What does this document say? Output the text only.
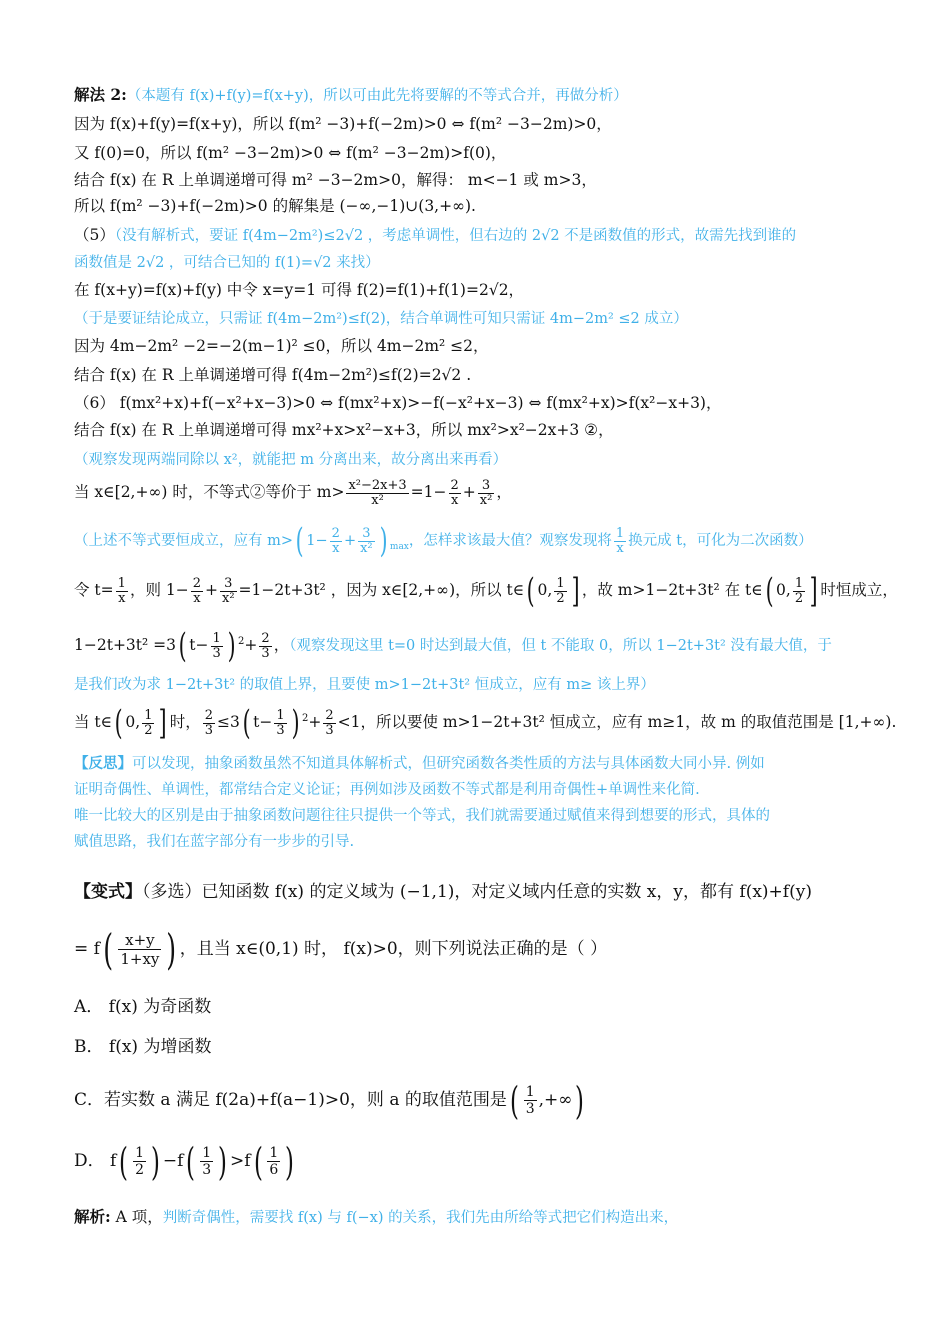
解法 2:（本题有 f(x)+f(y)=f(x+y)，所以可由此先将要解的不等式合并，再做分析）
因为 f(x)+f(y)=f(x+y)，所以 f(m² −3)+f(−2m)>0 ⇔ f(m² −3−2m)>0，
又 f(0)=0，所以 f(m² −3−2m)>0 ⇔ f(m² −3−2m)>f(0)，
结合 f(x) 在 R 上单调递增可得 m² −3−2m>0，解得： m<−1 或 m>3，
所以 f(m² −3)+f(−2m)>0 的解集是 (−∞,−1)∪(3,+∞).
（5）（没有解析式，要证 f(4m−2m²)≤2√2 ，考虑单调性，但右边的 2√2 不是函数值的形式，故需先找到谁的
函数值是 2√2 ，可结合已知的 f(1)=√2 来找）
在 f(x+y)=f(x)+f(y) 中令 x=y=1 可得 f(2)=f(1)+f(1)=2√2，
（于是要证结论成立，只需证 f(4m−2m²)≤f(2)，结合单调性可知只需证 4m−2m² ≤2 成立）
因为 4m−2m² −2=−2(m−1)² ≤0，所以 4m−2m² ≤2，
结合 f(x) 在 R 上单调递增可得 f(4m−2m²)≤f(2)=2√2 .
（6） f(mx²+x)+f(−x²+x−3)>0 ⇔ f(mx²+x)>−f(−x²+x−3) ⇔ f(mx²+x)>f(x²−x+3)，
结合 f(x) 在 R 上单调递增可得 mx²+x>x²−x+3，所以 mx²>x²−2x+3 ②，
（观察发现两端同除以 x²，就能把 m 分离出来，故分离出来再看）
当 x∈[2,+∞) 时，不等式②等价于 $m> \frac{\text{x²−2x+3}}{\text{x²}} =1- \frac{2}{x} + \frac{3}{\text{x²}}$ ，
（上述不等式要恒成立，应有 m>( $1- \frac{2}{x} + \frac{3}{\text{x²}}$ ) $_{max}$，怎样求该最大值？观察发现将 $\frac{1}{x}$ 换元成 t，可化为二次函数）
令 $t= \frac{1}{x}$ ，则 $1- \frac{2}{x} + \frac{3}{\text{x²}} =1-2t+3t^2$ ，因为 x∈[2,+∞)，所以 t∈( 0, $\frac{1}{2}$ ] ，故 m>1−2t+3t² 在 t∈( 0, $\frac{1}{2}$ ] 时恒成立，
1−2t+3t² =3( $t- \frac{1}{3}$ ) $^2+ \frac{2}{3}$ ，（观察发现这里 t=0 时达到最大值，但 t 不能取 0，所以 1−2t+3t² 没有最大值，于
是我们改为求 1−2t+3t² 的取值上界，且要使 m>1−2t+3t² 恒成立，应有 m≥ 该上界）
当 t∈( 0, $\frac{1}{2}$ ] 时， $\frac{2}{3} \le 3$( $t- \frac{1}{3}$ ) $^2+ \frac{2}{3} <1$，所以要使 m>1−2t+3t² 恒成立，应有 m≥1，故 m 的取值范围是 [1,+∞).
【反思】可以发现，抽象函数虽然不知道具体解析式，但研究函数各类性质的方法与具体函数大同小异. 例如
证明奇偶性、单调性，都常结合定义论证；再例如涉及函数不等式都是利用奇偶性+单调性来化简.
唯一比较大的区别是由于抽象函数问题往往只提供一个等式，我们就需要通过赋值来得到想要的形式，具体的
赋值思路，我们在蓝字部分有一步步的引导.
【变式】（多选）已知函数 f(x) 的定义域为 (−1,1)，对定义域内任意的实数 x，y，都有 f(x)+f(y)
= $f( \frac{x+y}{1+xy}$ ) ，且当 x∈(0,1) 时， f(x)>0，则下列说法正确的是（ ）
A． f(x) 为奇函数
B． f(x) 为增函数
C．若实数 a 满足 f(2a)+f(a−1)>0，则 a 的取值范围是( $\frac{1}{3}$ ,+∞)
D． $f( \frac{1}{2}$ ) $-f( \frac{1}{3}$ ) $>f( \frac{1}{6}$ )
解析: A 项，判断奇偶性，需要找 f(x) 与 f(−x) 的关系，我们先由所给等式把它们构造出来，
